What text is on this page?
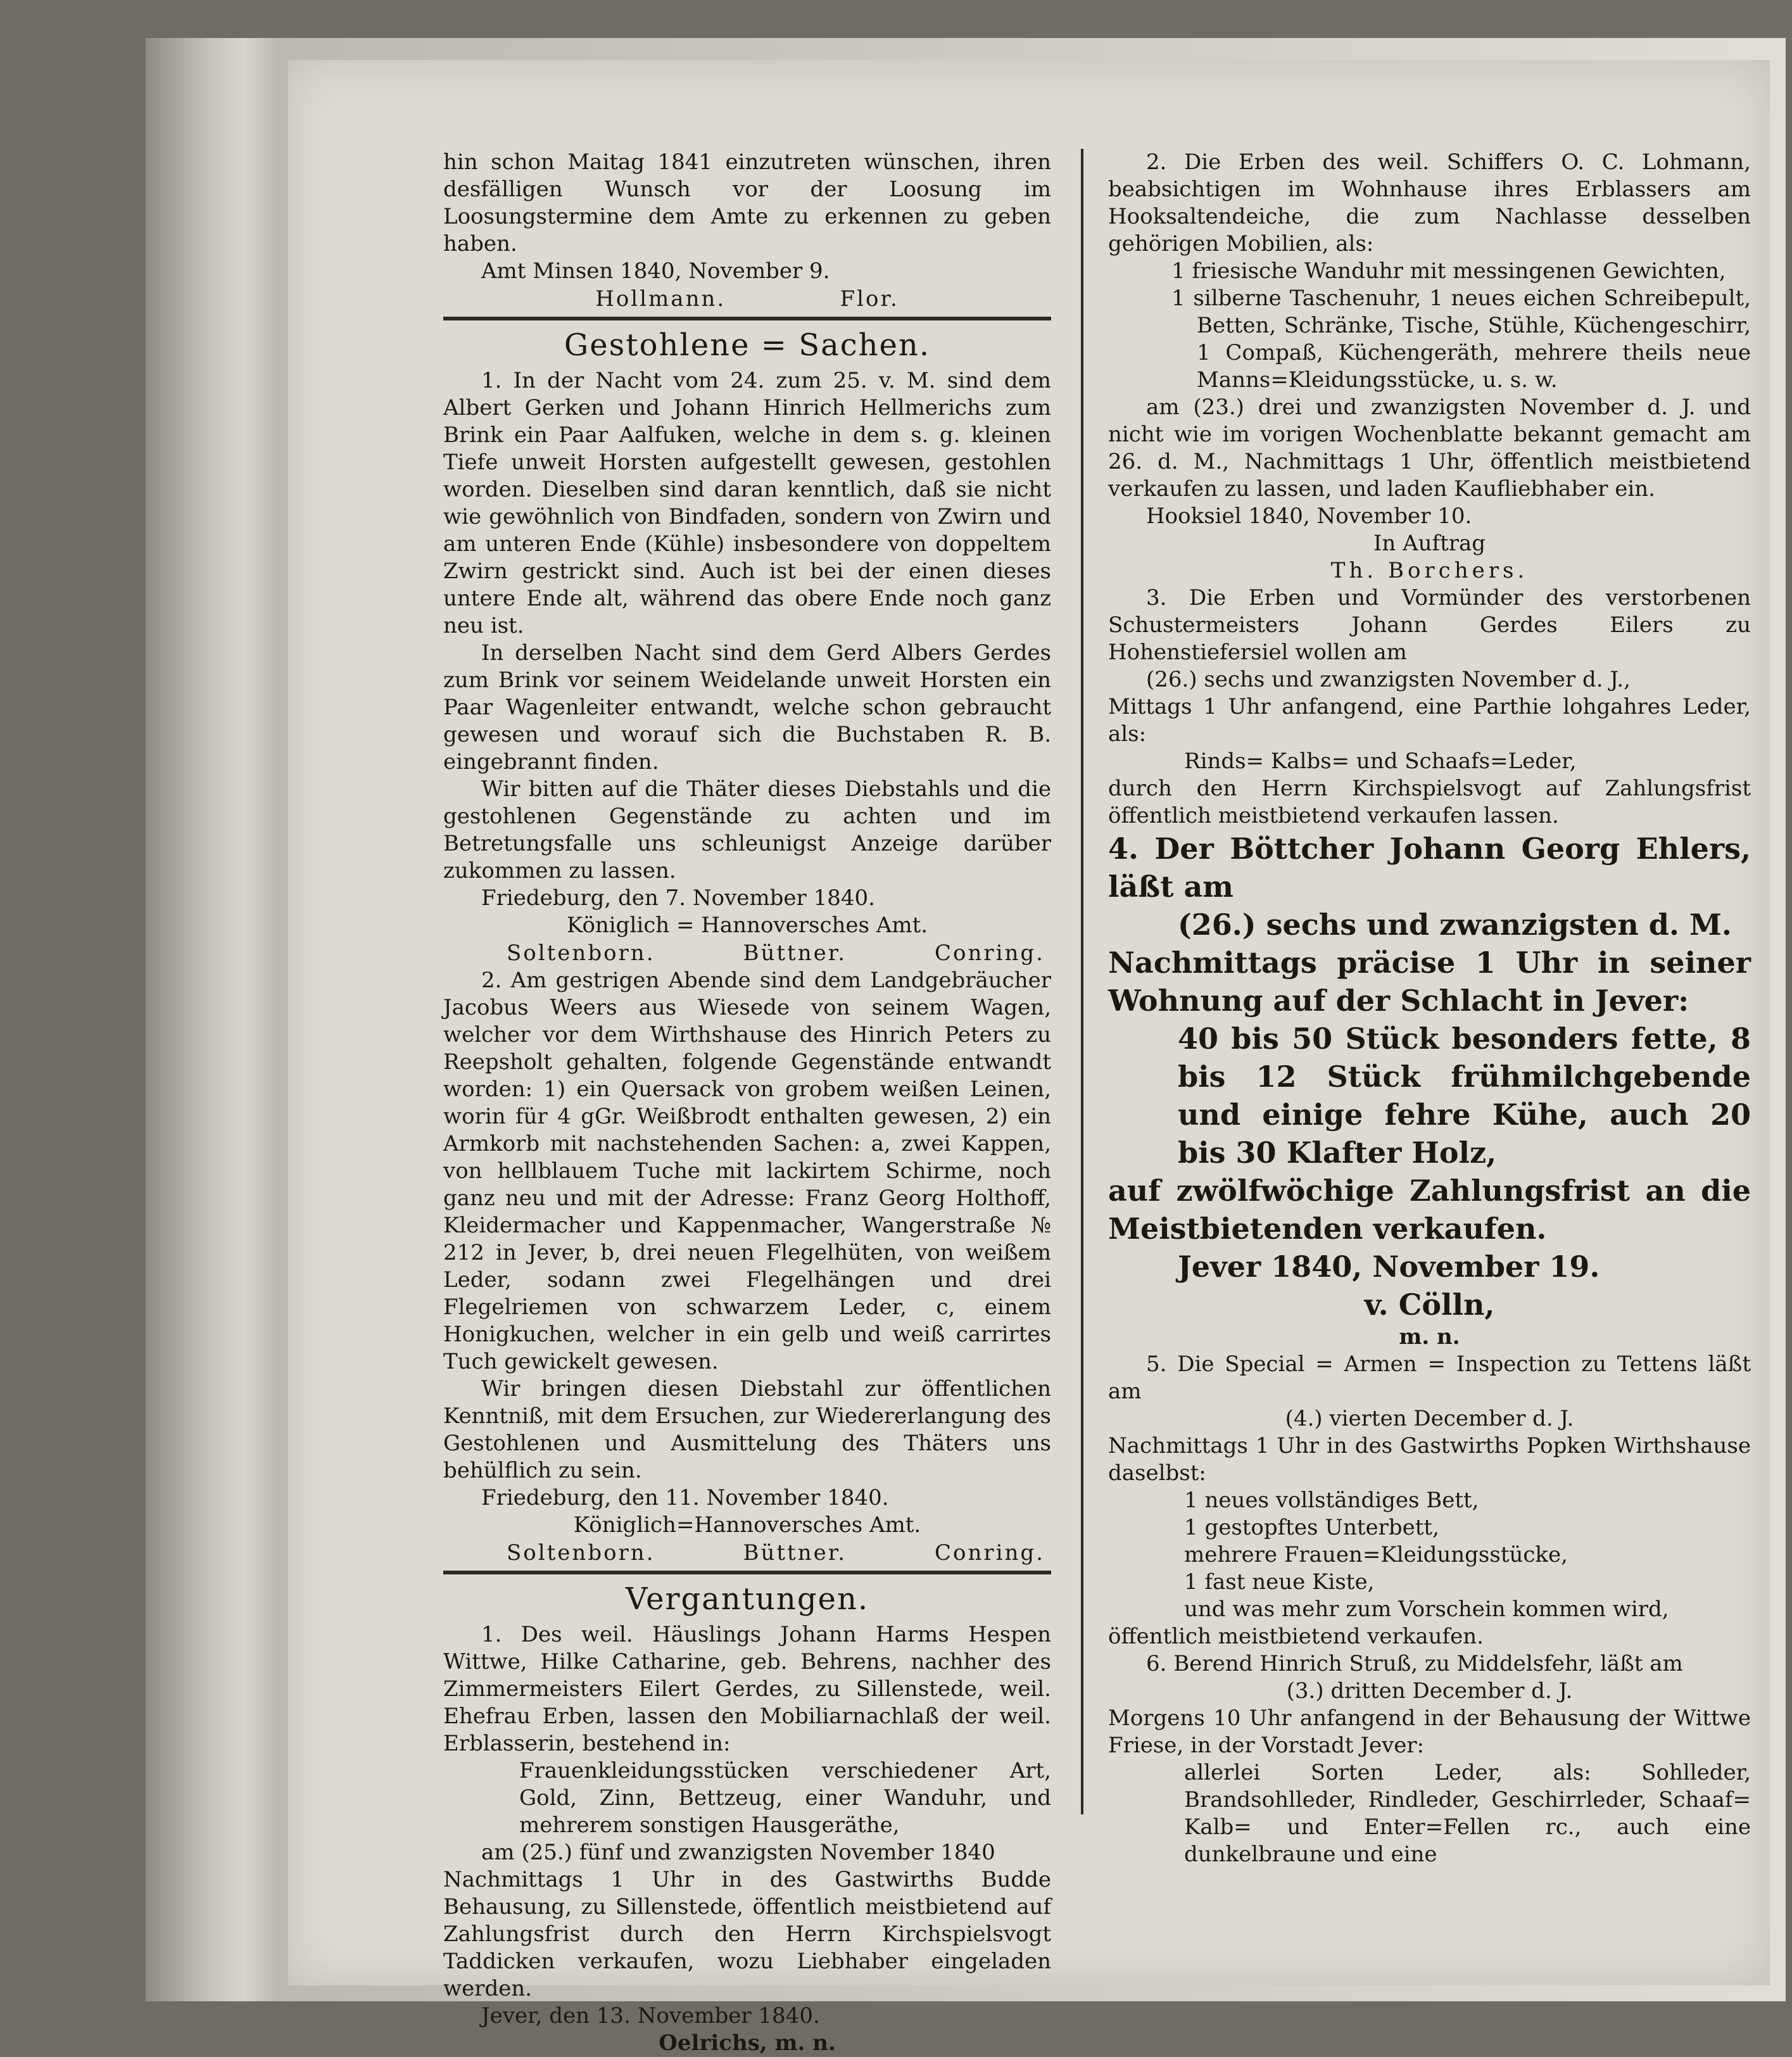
hin schon Maitag 1841 einzutreten wünschen, ihren desfälligen Wunsch vor der Loosung im Loosungstermine dem Amte zu erkennen zu geben haben.

Amt Minsen 1840, November 9.

Hollmann.	Flor.
Gestohlene = Sachen.

1. In der Nacht vom 24. zum 25. v. M. sind dem Albert Gerken und Johann Hinrich Hellmerichs zum Brink ein Paar Aalfuken, welche in dem s. g. kleinen Tiefe unweit Horsten aufgestellt gewesen, gestohlen worden. Dieselben sind daran kenntlich, daß sie nicht wie gewöhnlich von Bindfaden, sondern von Zwirn und am unteren Ende (Kühle) insbesondere von doppeltem Zwirn gestrickt sind. Auch ist bei der einen dieses untere Ende alt, während das obere Ende noch ganz neu ist.

In derselben Nacht sind dem Gerd Albers Gerdes zum Brink vor seinem Weidelande unweit Horsten ein Paar Wagenleiter entwandt, welche schon gebraucht gewesen und worauf sich die Buchstaben R. B. eingebrannt finden.

Wir bitten auf die Thäter dieses Diebstahls und die gestohlenen Gegenstände zu achten und im Betretungsfalle uns schleunigst Anzeige darüber zukommen zu lassen.

Friedeburg, den 7. November 1840.

Königlich = Hannoversches Amt.

Soltenborn.	Büttner.	Conring.

2. Am gestrigen Abende sind dem Landgebräucher Jacobus Weers aus Wiesede von seinem Wagen, welcher vor dem Wirthshause des Hinrich Peters zu Reepsholt gehalten, folgende Gegenstände entwandt worden: 1) ein Quersack von grobem weißen Leinen, worin für 4 gGr. Weißbrodt enthalten gewesen, 2) ein Armkorb mit nachstehenden Sachen: a, zwei Kappen, von hellblauem Tuche mit lackirtem Schirme, noch ganz neu und mit der Adresse: Franz Georg Holthoff, Kleidermacher und Kappenmacher, Wangerstraße № 212 in Jever, b, drei neuen Flegelhüten, von weißem Leder, sodann zwei Flegelhängen und drei Flegelriemen von schwarzem Leder, c, einem Honigkuchen, welcher in ein gelb und weiß carrirtes Tuch gewickelt gewesen.

Wir bringen diesen Diebstahl zur öffentlichen Kenntniß, mit dem Ersuchen, zur Wiedererlangung des Gestohlenen und Ausmittelung des Thäters uns behülflich zu sein.

Friedeburg, den 11. November 1840.

Königlich=Hannoversches Amt.

Soltenborn.	Büttner.	Conring.
Vergantungen.

1. Des weil. Häuslings Johann Harms Hespen Wittwe, Hilke Catharine, geb. Behrens, nachher des Zimmermeisters Eilert Gerdes, zu Sillenstede, weil. Ehefrau Erben, lassen den Mobiliarnachlaß der weil. Erblasserin, bestehend in:

Frauenkleidungsstücken verschiedener Art, Gold, Zinn, Bettzeug, einer Wanduhr, und mehrerem sonstigen Hausgeräthe,

am (25.) fünf und zwanzigsten November 1840

Nachmittags 1 Uhr in des Gastwirths Budde Behausung, zu Sillenstede, öffentlich meistbietend auf Zahlungsfrist durch den Herrn Kirchspielsvogt Taddicken verkaufen, wozu Liebhaber eingeladen werden.

Jever, den 13. November 1840.

Oelrichs, m. n.

2. Die Erben des weil. Schiffers O. C. Lohmann, beabsichtigen im Wohnhause ihres Erblassers am Hooksaltendeiche, die zum Nachlasse desselben gehörigen Mobilien, als:

1 friesische Wanduhr mit messingenen Gewichten,

1 silberne Taschenuhr, 1 neues eichen Schreibepult, Betten, Schränke, Tische, Stühle, Küchengeschirr, 1 Compaß, Küchengeräth, mehrere theils neue Manns=Kleidungsstücke, u. s. w.

am (23.) drei und zwanzigsten November d. J. und nicht wie im vorigen Wochenblatte bekannt gemacht am 26. d. M., Nachmittags 1 Uhr, öffentlich meistbietend verkaufen zu lassen, und laden Kaufliebhaber ein.

Hooksiel 1840, November 10.

In Auftrag

Th. Borchers.

3. Die Erben und Vormünder des verstorbenen Schustermeisters Johann Gerdes Eilers zu Hohenstiefersiel wollen am

(26.) sechs und zwanzigsten November d. J.,

Mittags 1 Uhr anfangend, eine Parthie lohgahres Leder, als:

Rinds= Kalbs= und Schaafs=Leder,

durch den Herrn Kirchspielsvogt auf Zahlungsfrist öffentlich meistbietend verkaufen lassen.

4. Der Böttcher Johann Georg Ehlers, läßt am

(26.) sechs und zwanzigsten d. M.

Nachmittags präcise 1 Uhr in seiner Wohnung auf der Schlacht in Jever:

40 bis 50 Stück besonders fette, 8 bis 12 Stück frühmilchgebende und einige fehre Kühe, auch 20 bis 30 Klafter Holz,

auf zwölfwöchige Zahlungsfrist an die Meistbietenden verkaufen.

Jever 1840, November 19.

v. Cölln,

m. n.

5. Die Special = Armen = Inspection zu Tettens läßt am

(4.) vierten December d. J.

Nachmittags 1 Uhr in des Gastwirths Popken Wirthshause daselbst:

1 neues vollständiges Bett,

1 gestopftes Unterbett,

mehrere Frauen=Kleidungsstücke,

1 fast neue Kiste,

und was mehr zum Vorschein kommen wird,

öffentlich meistbietend verkaufen.

6. Berend Hinrich Struß, zu Middelsfehr, läßt am

(3.) dritten December d. J.

Morgens 10 Uhr anfangend in der Behausung der Wittwe Friese, in der Vorstadt Jever:

allerlei Sorten Leder, als: Sohlleder, Brandsohlleder, Rindleder, Geschirrleder, Schaaf= Kalb= und Enter=Fellen rc., auch eine dunkelbraune und eine
